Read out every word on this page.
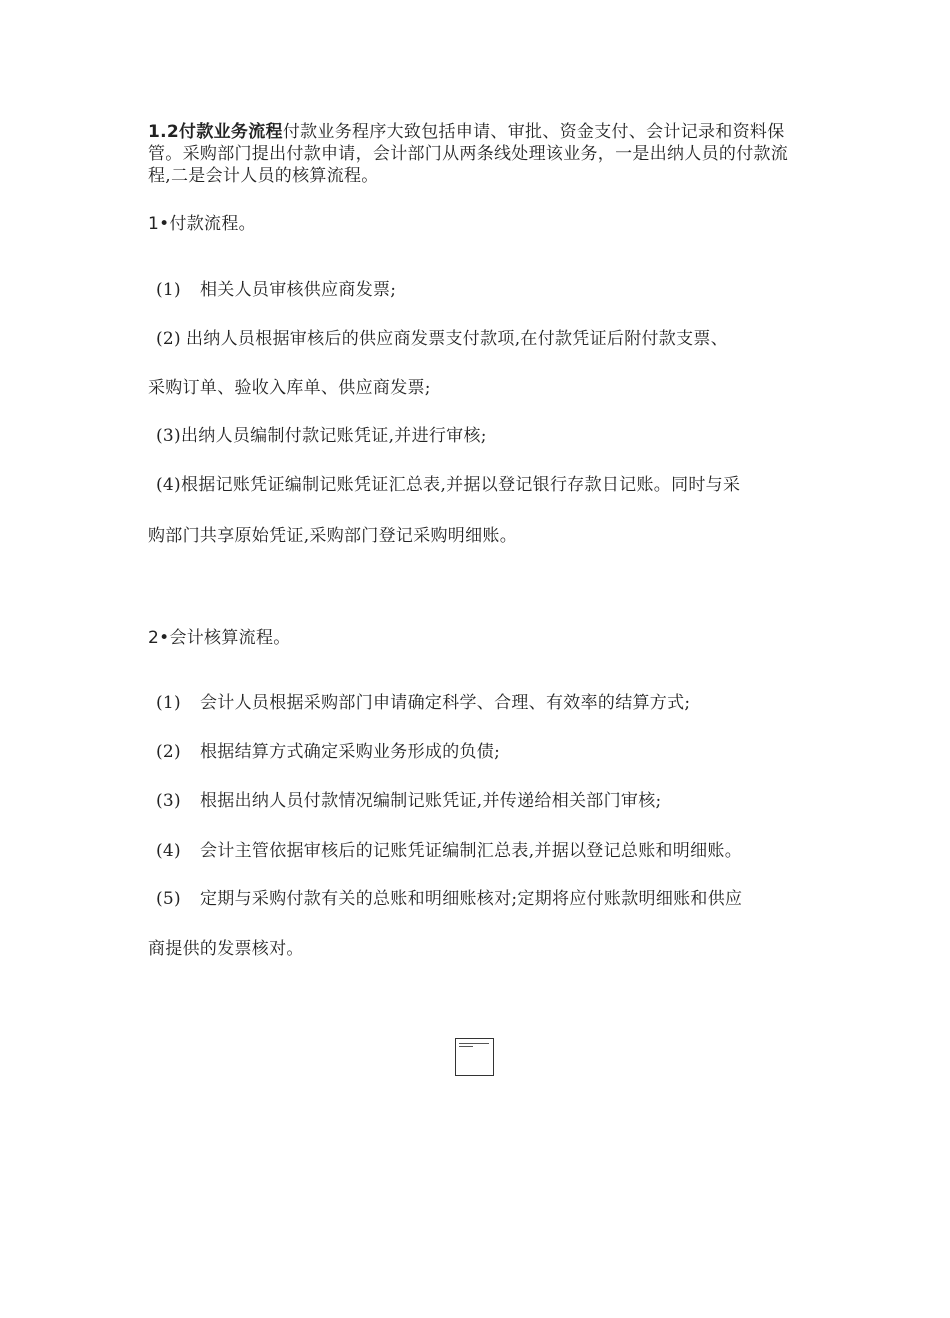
1.2付款业务流程付款业务程序大致包括申请、审批、资金支付、会计记录和资料保管。采购部门提出付款申请，会计部门从两条线处理该业务，一是出纳人员的付款流程,二是会计人员的核算流程。
1•付款流程。
(1) 相关人员审核供应商发票;
(2) 出纳人员根据审核后的供应商发票支付款项,在付款凭证后附付款支票、
采购订单、验收入库单、供应商发票;
(3)出纳人员编制付款记账凭证,并进行审核;
(4)根据记账凭证编制记账凭证汇总表,并据以登记银行存款日记账。同时与采
购部门共享原始凭证,采购部门登记采购明细账。
2•会计核算流程。
(1) 会计人员根据采购部门申请确定科学、合理、有效率的结算方式;
(2) 根据结算方式确定采购业务形成的负债;
(3) 根据出纳人员付款情况编制记账凭证,并传递给相关部门审核;
(4) 会计主管依据审核后的记账凭证编制汇总表,并据以登记总账和明细账。
(5) 定期与采购付款有关的总账和明细账核对;定期将应付账款明细账和供应
商提供的发票核对。
